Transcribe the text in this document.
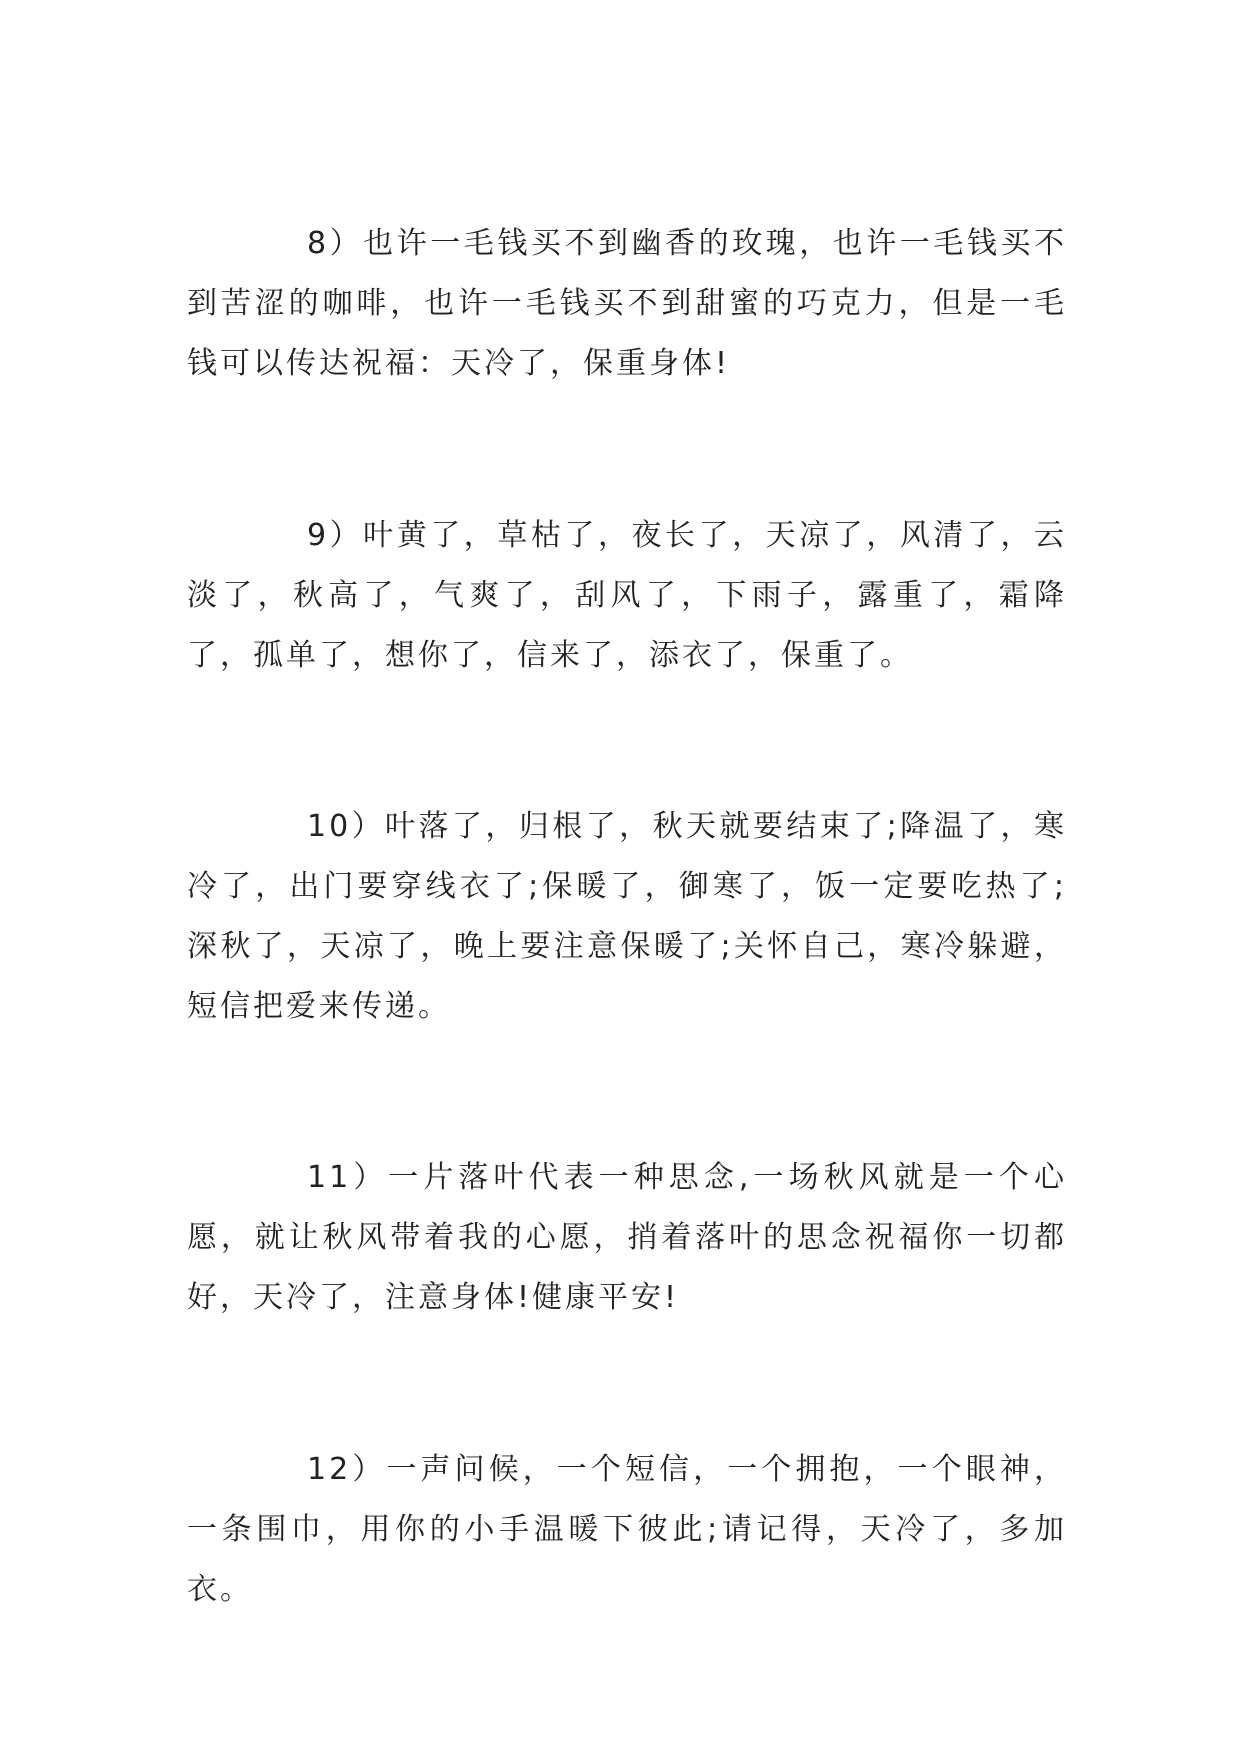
8）也许一毛钱买不到幽香的玫瑰，也许一毛钱买不到苦涩的咖啡，也许一毛钱买不到甜蜜的巧克力，但是一毛钱可以传达祝福：天冷了，保重身体!

9）叶黄了，草枯了，夜长了，天凉了，风清了，云淡了，秋高了，气爽了，刮风了，下雨子，露重了，霜降了，孤单了，想你了，信来了，添衣了，保重了。

10）叶落了，归根了，秋天就要结束了;降温了，寒冷了，出门要穿线衣了;保暖了，御寒了，饭一定要吃热了;深秋了，天凉了，晚上要注意保暖了;关怀自己，寒冷躲避，短信把爱来传递。

11）一片落叶代表一种思念,一场秋风就是一个心愿，就让秋风带着我的心愿，捎着落叶的思念祝福你一切都好，天冷了，注意身体!健康平安!

12）一声问候，一个短信，一个拥抱，一个眼神，一条围巾，用你的小手温暖下彼此;请记得，天冷了，多加衣。
